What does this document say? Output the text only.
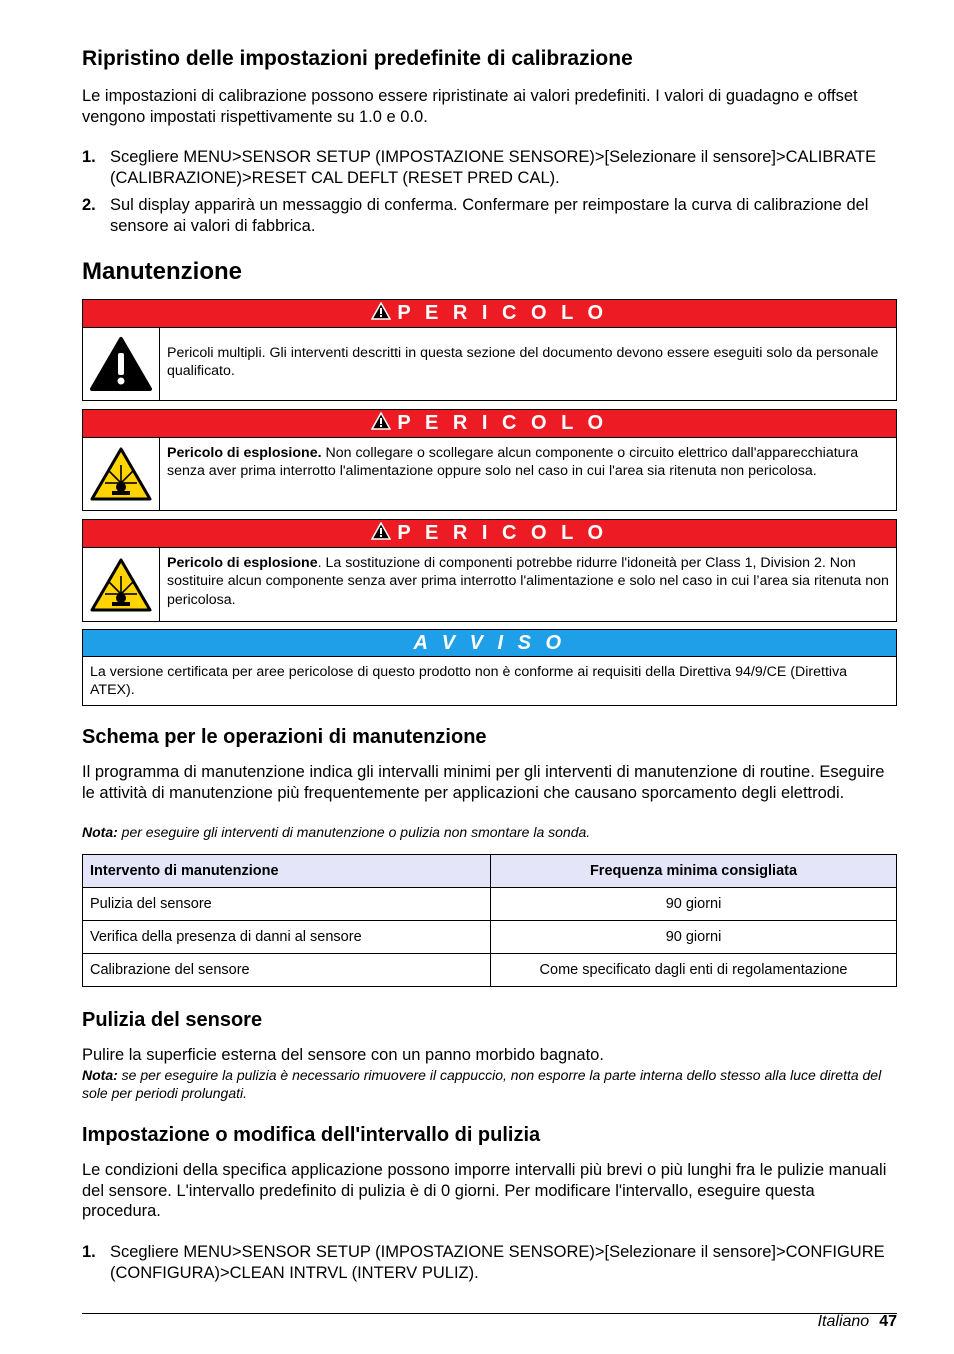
Ripristino delle impostazioni predefinite di calibrazione

Le impostazioni di calibrazione possono essere ripristinate ai valori predefiniti. I valori di guadagno e offset vengono impostati rispettivamente su 1.0 e 0.0.

1. Scegliere MENU>SENSOR SETUP (IMPOSTAZIONE SENSORE)>[Selezionare il sensore]>CALIBRATE (CALIBRAZIONE)>RESET CAL DEFLT (RESET PRED CAL).
2. Sul display apparirà un messaggio di conferma. Confermare per reimpostare la curva di calibrazione del sensore ai valori di fabbrica.
Manutenzione
P E R I C O L O
Pericoli multipli. Gli interventi descritti in questa sezione del documento devono essere eseguiti solo da personale qualificato.
P E R I C O L O
Pericolo di esplosione. Non collegare o scollegare alcun componente o circuito elettrico dall'apparecchiatura senza aver prima interrotto l'alimentazione oppure solo nel caso in cui l'area sia ritenuta non pericolosa.
P E R I C O L O
Pericolo di esplosione. La sostituzione di componenti potrebbe ridurre l'idoneità per Class 1, Division 2. Non sostituire alcun componente senza aver prima interrotto l'alimentazione e solo nel caso in cui l’area sia ritenuta non pericolosa.
A V V I S O
La versione certificata per aree pericolose di questo prodotto non è conforme ai requisiti della Direttiva 94/9/CE (Direttiva ATEX).
Schema per le operazioni di manutenzione

Il programma di manutenzione indica gli intervalli minimi per gli interventi di manutenzione di routine. Eseguire le attività di manutenzione più frequentemente per applicazioni che causano sporcamento degli elettrodi.

Nota: per eseguire gli interventi di manutenzione o pulizia non smontare la sonda.

Intervento di manutenzione	Frequenza minima consigliata
Pulizia del sensore	90 giorni
Verifica della presenza di danni al sensore	90 giorni
Calibrazione del sensore	Come specificato dagli enti di regolamentazione
Pulizia del sensore

Pulire la superficie esterna del sensore con un panno morbido bagnato.

Nota: se per eseguire la pulizia è necessario rimuovere il cappuccio, non esporre la parte interna dello stesso alla luce diretta del sole per periodi prolungati.

Impostazione o modifica dell'intervallo di pulizia

Le condizioni della specifica applicazione possono imporre intervalli più brevi o più lunghi fra le pulizie manuali del sensore. L'intervallo predefinito di pulizia è di 0 giorni. Per modificare l'intervallo, eseguire questa procedura.

1. Scegliere MENU>SENSOR SETUP (IMPOSTAZIONE SENSORE)>[Selezionare il sensore]>CONFIGURE (CONFIGURA)>CLEAN INTRVL (INTERV PULIZ).
Italiano 47
